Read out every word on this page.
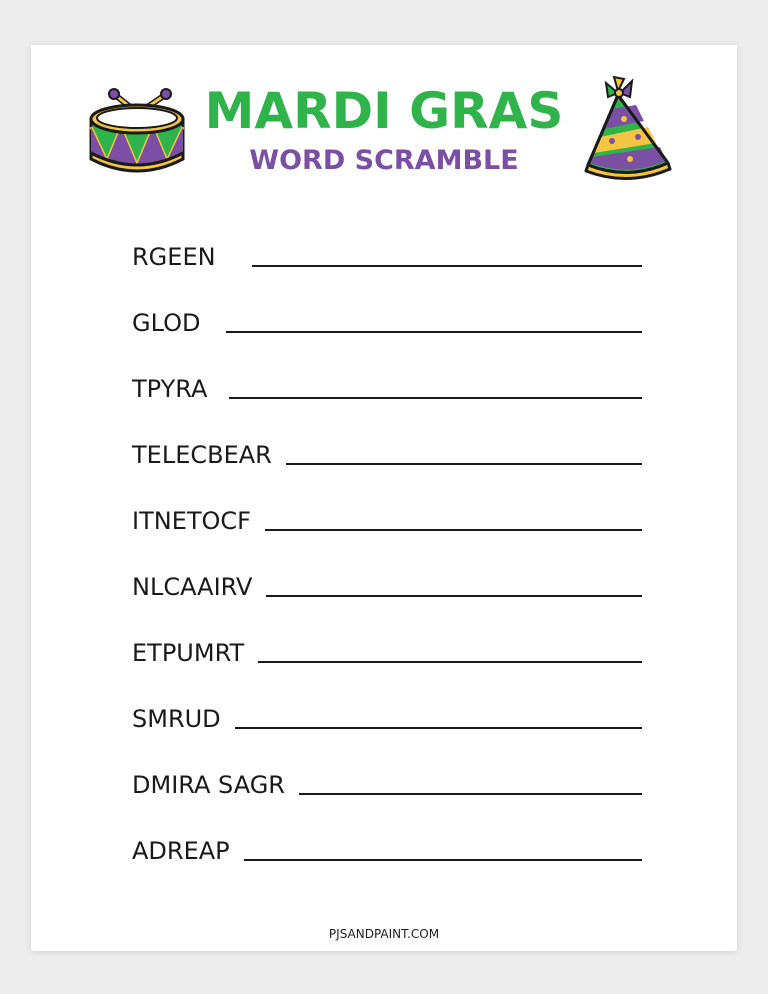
MARDI GRAS
WORD SCRAMBLE
RGEEN
GLOD
TPYRA
TELECBEAR
ITNETOCF
NLCAAIRV
ETPUMRT
SMRUD
DMIRA SAGR
ADREAP

PJSANDPAINT.COM
